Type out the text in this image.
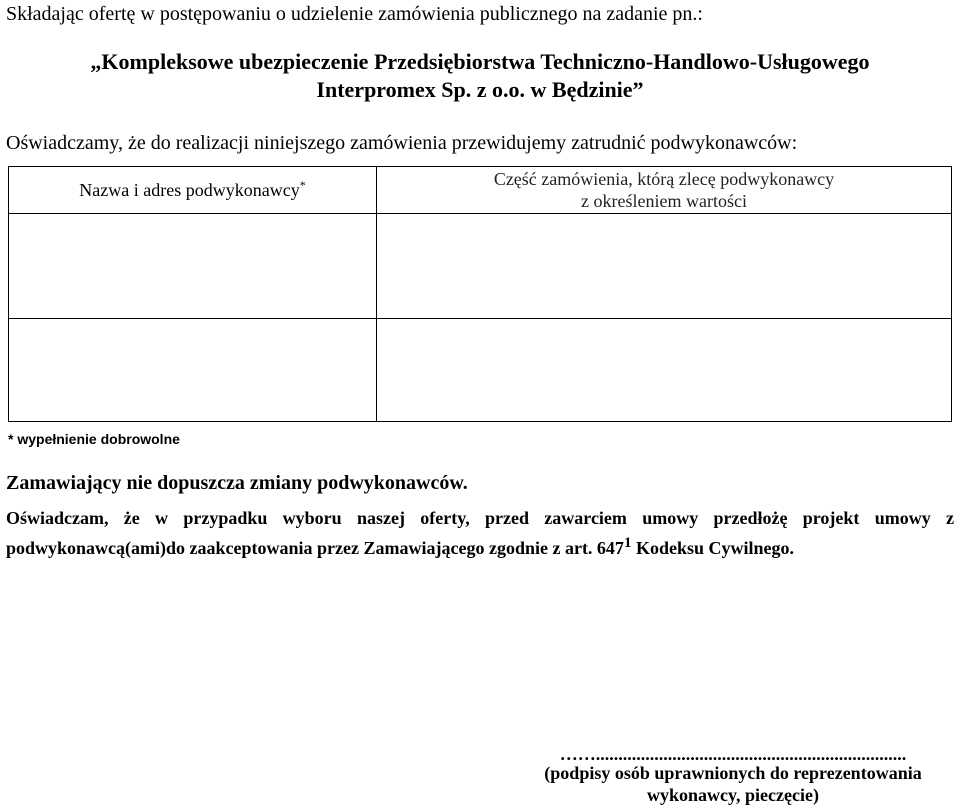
Składając ofertę w postępowaniu o udzielenie zamówienia publicznego na zadanie pn.:
„Kompleksowe ubezpieczenie Przedsiębiorstwa Techniczno-Handlowo-Usługowego
Interpromex Sp. z o.o. w Będzinie”
Oświadczamy, że do realizacji niniejszego zamówienia przewidujemy zatrudnić podwykonawców:
Nazwa i adres podwykonawcy*	Część zamówienia, którą zlecę podwykonawcy
z określeniem wartości

* wypełnienie dobrowolne
Zamawiający nie dopuszcza zmiany podwykonawców.
Oświadczam, że w przypadku wyboru naszej oferty, przed zawarciem umowy przedłożę projekt umowy z podwykonawcą(ami)do zaakceptowania przez Zamawiającego zgodnie z art. $647^1$ Kodeksu Cywilnego.
…….....................................................................
(podpisy osób uprawnionych do reprezentowania
wykonawcy, pieczęcie)
